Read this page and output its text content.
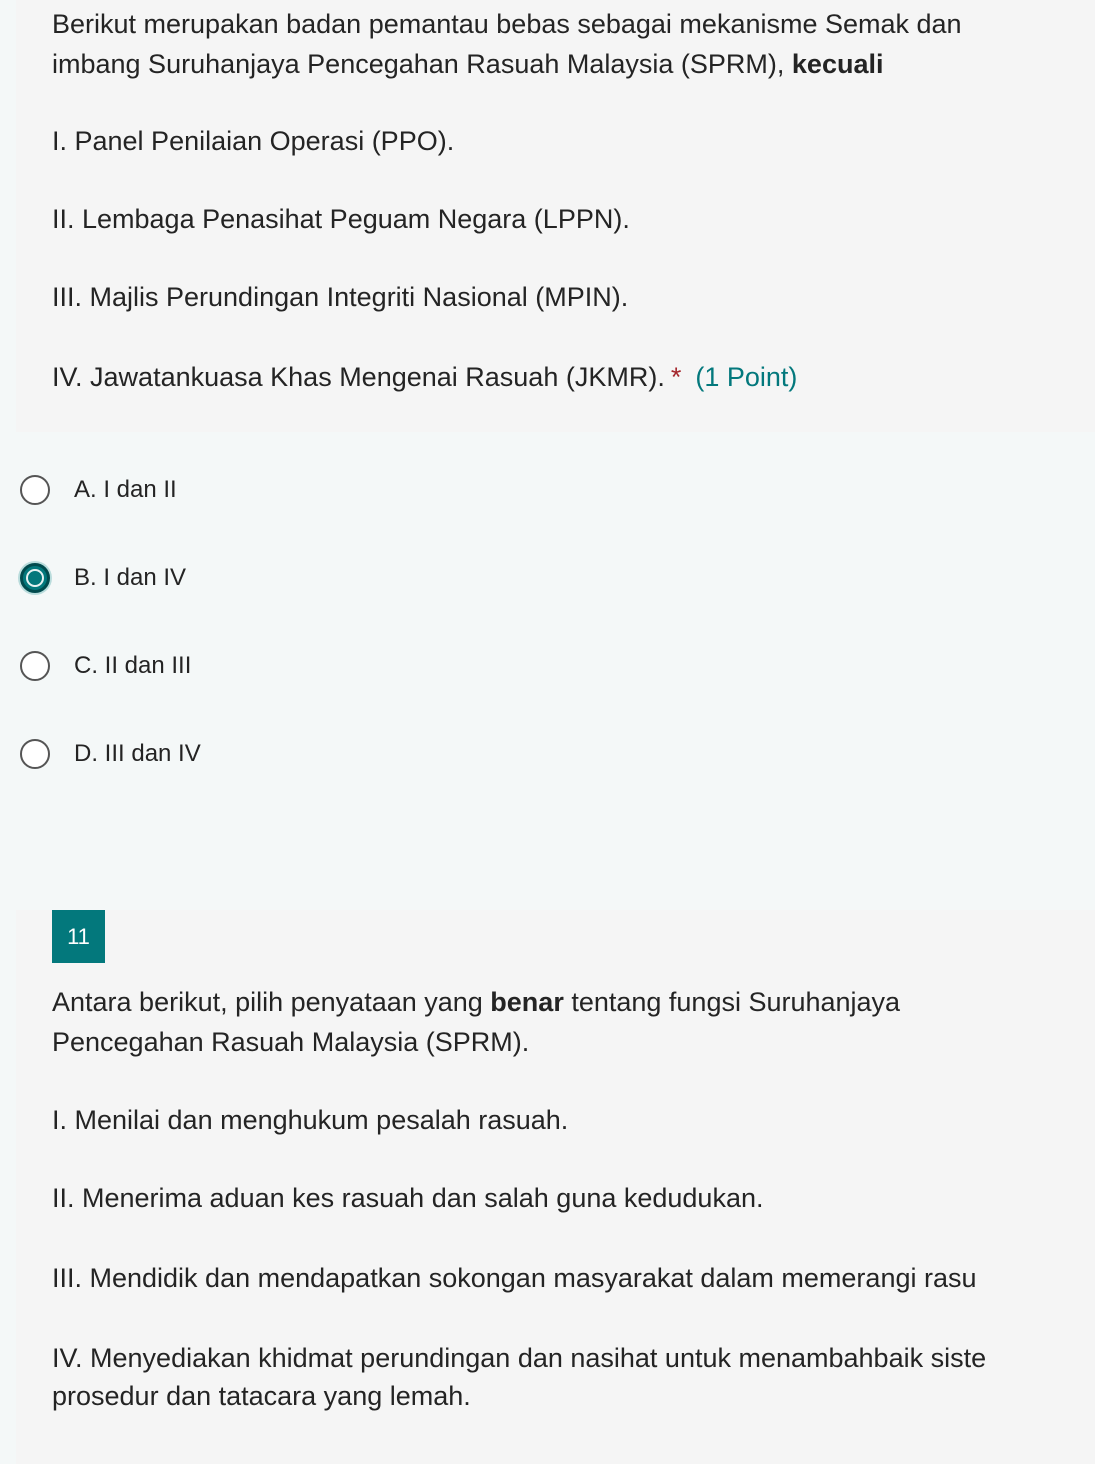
Berikut merupakan badan pemantau bebas sebagai mekanisme Semak dan
imbang Suruhanjaya Pencegahan Rasuah Malaysia (SPRM), kecuali
I. Panel Penilaian Operasi (PPO).
II. Lembaga Penasihat Peguam Negara (LPPN).
III. Majlis Perundingan Integriti Nasional (MPIN).
IV. Jawatankuasa Khas Mengenai Rasuah (JKMR). * (1 Point)
A. I dan II
B. I dan IV
C. II dan III
D. III dan IV
11
Antara berikut, pilih penyataan yang benar tentang fungsi Suruhanjaya
Pencegahan Rasuah Malaysia (SPRM).
I. Menilai dan menghukum pesalah rasuah.
II. Menerima aduan kes rasuah dan salah guna kedudukan.
III. Mendidik dan mendapatkan sokongan masyarakat dalam memerangi rasu
IV. Menyediakan khidmat perundingan dan nasihat untuk menambahbaik siste
prosedur dan tatacara yang lemah.
